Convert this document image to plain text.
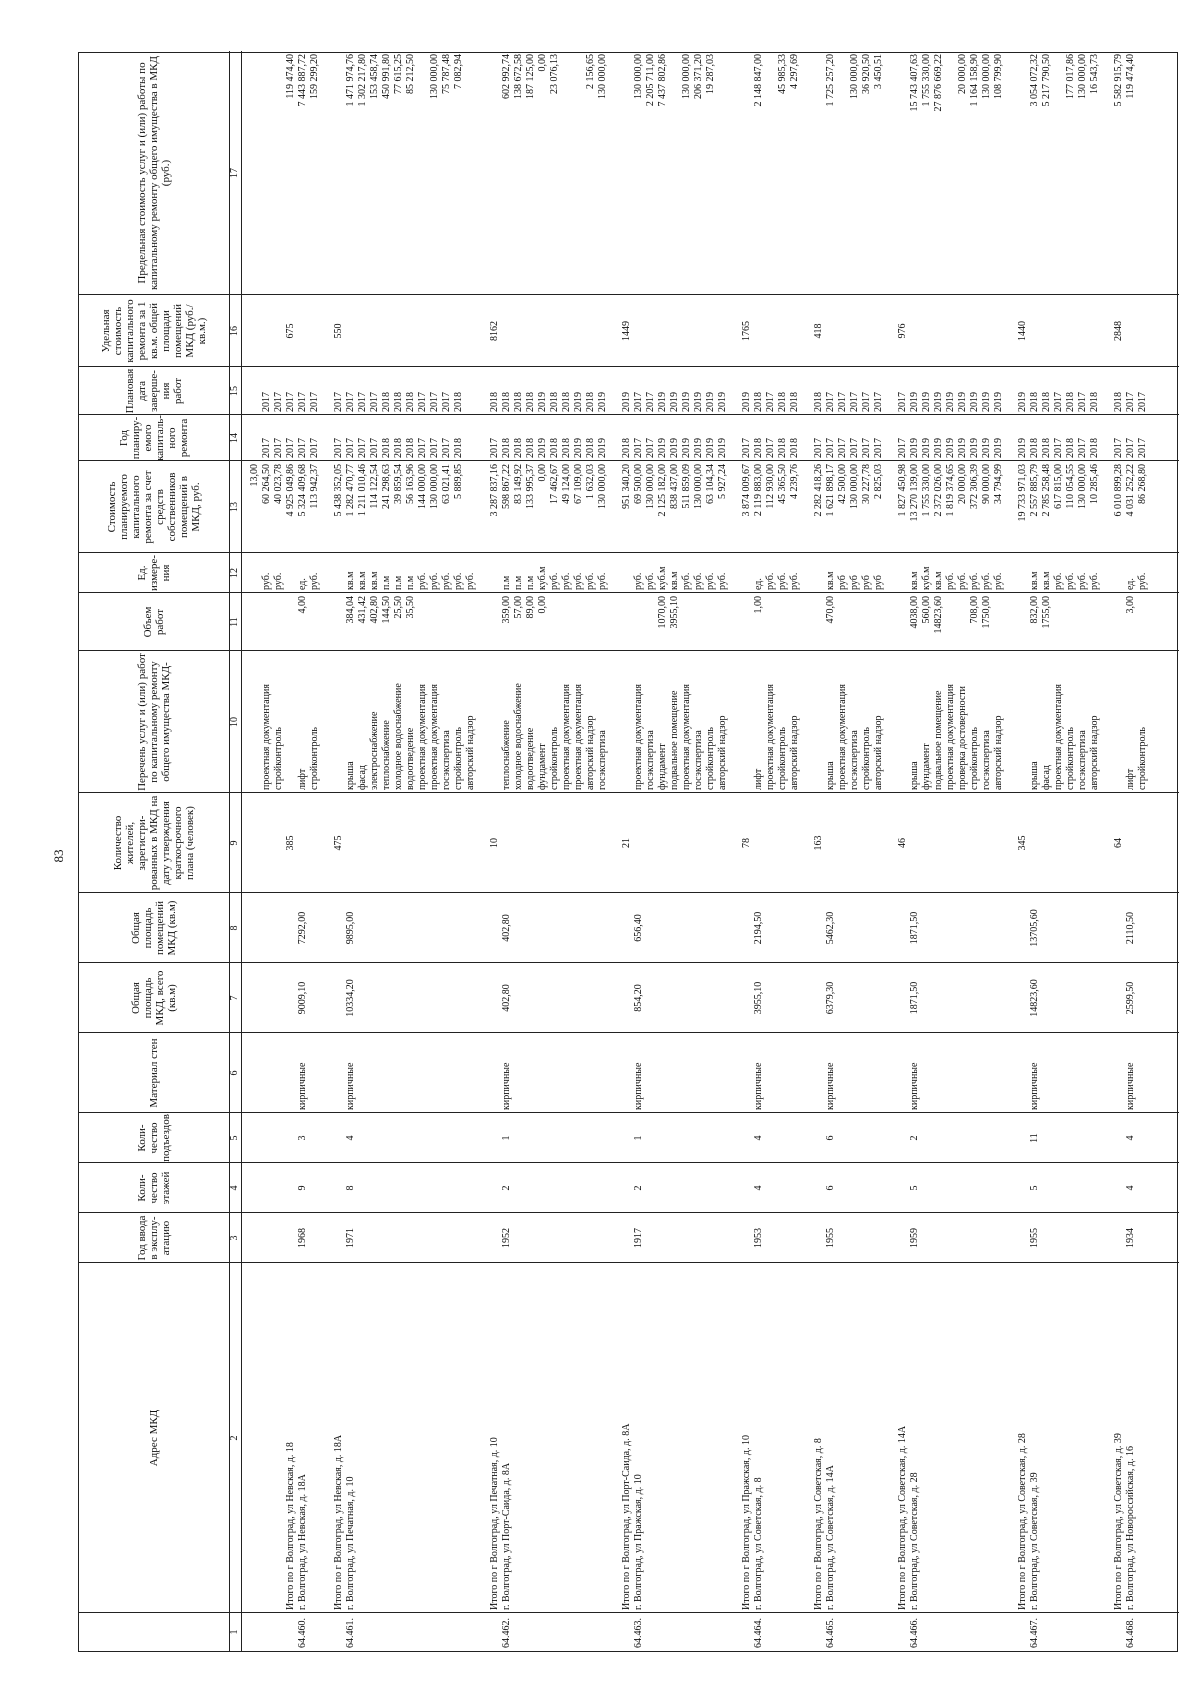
83
Адрес МКД
Год ввода в эксплу-атацию
Коли-чество этажей
Коли-чество подъездов
Материал стен
Общая площадь МКД, всего (кв.м)
Общая площадь помещений МКД (кв.м)
Количество жителей, зарегистри-рованных в МКД на дату утверждения краткосрочного плана (человек)
Перечень услуг и (или) работ по капитальному ремонту общего имущества МКД-
Объем работ
Ед. измере-ния
Стоимость планируемого капитального ремонта за счет средств собственников помещений в МКД, руб.
Год планиру-емого капиталь-ного ремонта
Плановая дата заверше-ния работ
Удельная стоимость капитального ремонта за 1 кв.м. общей площади помещений МКД (руб./кв.м.)
Предельная стоимость услуг и (или) работы по капитальному ремонту общего имущества в МКД (руб.)
1
2
3
4
5
6
7
8
9
10
11
12
13
14
15
16
17
13,00 60 264,50 40 023,78
руб. руб.
2017 2017
2017 2017
проектная документация стройконтроль
Итого по г Волгоград, ул Невская, д. 18
4 925 049,86
2017
2017
119 474,40
64.460.
г. Волгоград, ул Невская, д. 18А
1968
9
3
кирпичные
9009,10
7292,00
385
675
7 443 887,72
лифт
4,00
ед.
5 324 409,68
2017
2017
159 299,20
стройконтроль
руб.
113 942,37
2017
2017
Итого по г Волгоград, ул Невская, д. 18А
5 438 352,05
2017
2017
64.461.
г. Волгоград, ул Печатная, д. 10
1971
8
4
кирпичные
10334,20
9895,00
475
550
крыша
384,04
кв.м
1 282 470,77
2017
2017
1 471 974,76
фасад
431,42
кв.м
1 211 010,46
2017
2017
1 302 217,80
электроснабжение
402,80
кв.м
114 122,54
2017
2017
153 458,74
теплоснабжение
144,50
п.м
241 298,63
2018
2018
450 991,80
холодное водоснабжение
25,50
п.м
39 859,54
2018
2018
77 615,25
водоотведение
35,50
п.м
56 163,96
2018
2018
85 212,50
проектная документация
руб.
144 000,00
2017
2017
проектная документация
руб.
130 000,00
2017
2017
130 000,00
госэкспертиза
руб.
63 021,41
2017
2017
75 787,48
стройконтроль
руб.
5 889,85
2018
2018
7 082,94
авторский надзор
руб.
Итого по г Волгоград, ул Печатная, д. 10
3 287 837,16
2017
2018
64.462.
г. Волгоград, ул Порт-Саида, д. 8А
1952
2
1
кирпичные
402,80
402,80
10
8162
теплоснабжение
359,00
п.м
598 867,22
2018
2018
602 992,74
холодное водоснабжение
57,00
п.м
83 149,92
2018
2018
138 672,58
водоотведение
89,00
п.м
133 995,37
2018
2018
187 125,00
фундамент
0,00
куб.м
0,00
2019
2019
0,00
стройконтроль
руб.
17 462,67
2018
2018
23 076,13
проектная документация
руб.
49 124,00
2018
2018
проектная документация
руб.
67 109,00
2019
2019
авторский надзор
руб.
1 632,03
2018
2018
2 156,65
госэкспертиза
руб.
130 000,00
2019
2019
130 000,00
Итого по г Волгоград, ул Порт-Саида, д. 8А
951 340,20
2018
2019
64.463.
г. Волгоград, ул Пражская, д. 10
1917
2
1
кирпичные
854,20
656,40
21
1449
проектная документация
руб.
69 500,00
2017
2017
130 000,00
госэкспертиза
руб.
130 000,00
2017
2017
2 205 711,00
фундамент
1070,00
куб.м
2 125 182,00
2019
2019
7 437 802,86
подвальное помещение
3955,10
кв.м
838 437,00
2019
2019
проектная документация
руб.
511 859,09
2019
2019
130 000,00
госэкспертиза
руб.
130 000,00
2019
2019
206 371,20
стройконтроль
руб.
63 104,34
2019
2019
19 287,03
авторский надзор
руб.
5 927,24
2019
2019
Итого по г Волгоград, ул Пражская, д. 10
3 874 009,67
2017
2019
64.464.
г. Волгоград, ул Советская, д. 8
1953
4
4
кирпичные
3955,10
2194,50
78
1765
лифт
1,00
ед.
2 119 883,00
2018
2018
2 148 847,00
проектная документация
руб.
112 930,00
2017
2017
стройконтроль
руб.
45 365,50
2018
2018
45 985,33
авторский надзор
руб.
4 239,76
2018
2018
4 297,69
Итого по г Волгоград, ул Советская, д. 8
2 282 418,26
2017
2018
64.465.
г. Волгоград, ул Советская, д. 14А
1955
6
6
кирпичные
6379,30
5462,30
163
418
крыша
470,00
кв.м
1 621 898,17
2017
2017
1 725 257,20
проектная документация
руб
42 500,00
2017
2017
госэкспертиза
руб
130 000,00
2017
2017
130 000,00
стройконтроль
руб
30 227,78
2017
2017
36 920,50
авторский надзор
руб
2 825,03
2017
2017
3 450,51
Итого по г Волгоград, ул Советская, д. 14А
1 827 450,98
2017
2017
64.466.
г. Волгоград, ул Советская, д. 28
1959
5
2
кирпичные
1871,50
1871,50
46
976
крыша
4038,00
кв.м
13 270 139,00
2019
2019
15 743 407,63
фундамент
560,00
куб.м
1 755 330,00
2019
2019
1 755 330,00
подвальное помещение
14823,60
кв.м
2 372 026,00
2019
2019
27 876 669,22
проектная документация
руб.
1 819 374,65
2019
2019
проверка достоверности
руб.
20 000,00
2019
2019
20 000,00
стройконтроль
708,00
руб.
372 306,39
2019
2019
1 164 158,90
госэкспертиза
1750,00
руб.
90 000,00
2019
2019
130 000,00
авторский надзор
руб.
34 794,99
2019
2019
108 799,90
Итого по г Волгоград, ул Советская, д. 28
19 733 971,03
2019
2019
64.467.
г. Волгоград, ул Советская, д. 39
1955
5
11
кирпичные
14823,60
13705,60
345
1440
крыша
832,00
кв.м
2 557 885,79
2018
2018
3 054 072,32
фасад
1755,00
кв.м
2 785 258,48
2018
2018
5 217 790,50
проектная документация
руб.
617 815,00
2017
2017
стройконтроль
руб.
110 054,55
2018
2018
177 017,86
госэкспертиза
руб.
130 000,00
2017
2017
130 000,00
авторский надзор
руб.
10 285,46
2018
2018
16 543,73
Итого по г Волгоград, ул Советская, д. 39
6 010 899,28
2017
2018
5 582 915,79
64.468.
г. Волгоград, ул Новороссийская, д. 16
1934
4
4
кирпичные
2599,50
2110,50
64
2848
лифт
3,00
ед.
4 031 252,22
2017
2017
119 474,40
стройконтроль
руб.
86 268,80
2017
2017
